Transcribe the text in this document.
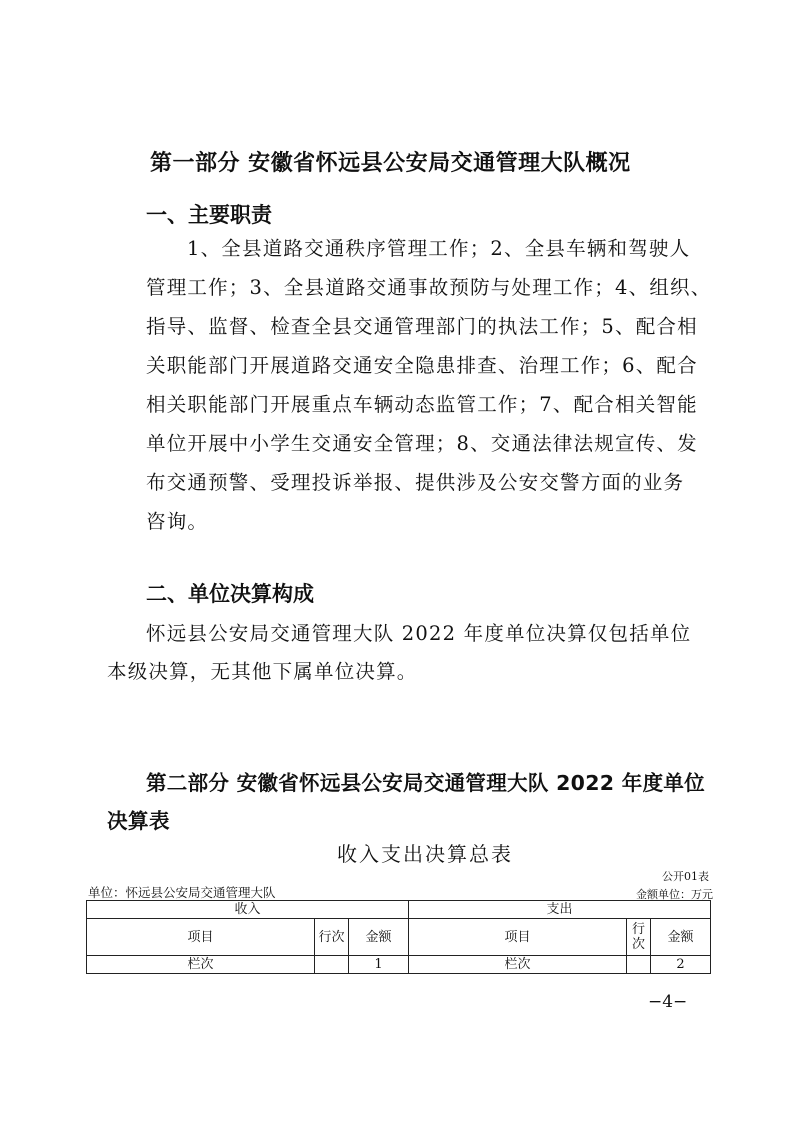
第一部分 安徽省怀远县公安局交通管理大队概况
一、主要职责
1、全县道路交通秩序管理工作；2、全县车辆和驾驶人
管理工作；3、全县道路交通事故预防与处理工作；4、组织、
指导、监督、检查全县交通管理部门的执法工作；5、配合相
关职能部门开展道路交通安全隐患排查、治理工作；6、配合
相关职能部门开展重点车辆动态监管工作；7、配合相关智能
单位开展中小学生交通安全管理；8、交通法律法规宣传、发
布交通预警、受理投诉举报、提供涉及公安交警方面的业务
咨询。
二、单位决算构成
怀远县公安局交通管理大队 2022 年度单位决算仅包括单位
本级决算，无其他下属单位决算。
第二部分 安徽省怀远县公安局交通管理大队 2022 年度单位
决算表
收入支出决算总表
公开01表
单位：怀远县公安局交通管理大队	金额单位：万元
收入			支出		
项目	行次	金额	项目	行次	金额
栏次		1	栏次		2
−4−
